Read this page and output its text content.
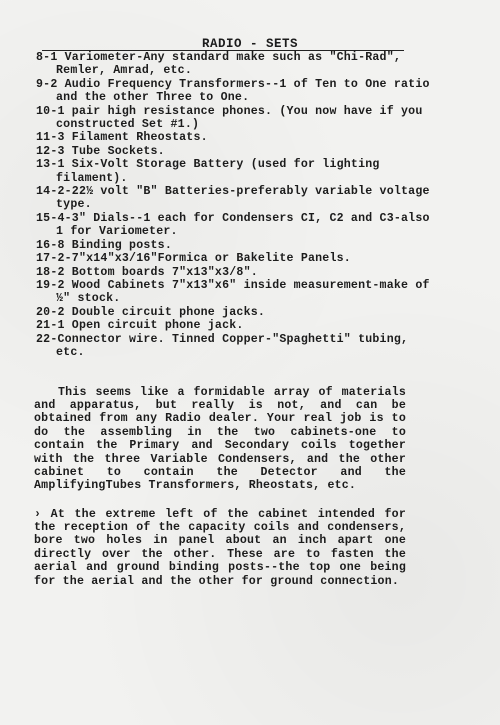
RADIO - SETS

8-1 Variometer-Any standard make such as "Chi-Rad", Remler, Amrad, etc.

9-2 Audio Frequency Transformers--1 of Ten to One ratio and the other Three to One.

10-1 pair high resistance phones. (You now have if you constructed Set #1.)

11-3 Filament Rheostats.

12-3 Tube Sockets.

13-1 Six-Volt Storage Battery (used for lighting filament).

14-2-22½ volt "B" Batteries-preferably variable voltage type.

15-4-3" Dials--1 each for Condensers CI, C2 and C3-also 1 for Variometer.

16-8 Binding posts.

17-2-7"x14"x3/16"Formica or Bakelite Panels.

18-2 Bottom boards 7"x13"x3/8".

19-2 Wood Cabinets 7"x13"x6" inside measurement-make of ½" stock.

20-2 Double circuit phone jacks.

21-1 Open circuit phone jack.

22-Connector wire. Tinned Copper-"Spaghetti" tubing, etc.

This seems like a formidable array of materials and apparatus, but really is not, and can be obtained from any Radio dealer. Your real job is to do the assembling in the two cabinets-one to contain the Primary and Secondary coils together with the three Variable Condensers, and the other cabinet to contain the Detector and the AmplifyingTubes Transformers, Rheostats, etc.

› At the extreme left of the cabinet intended for the reception of the capacity coils and condensers, bore two holes in panel about an inch apart one directly over the other. These are to fasten the aerial and ground binding posts--the top one being for the aerial and the other for ground connection.
